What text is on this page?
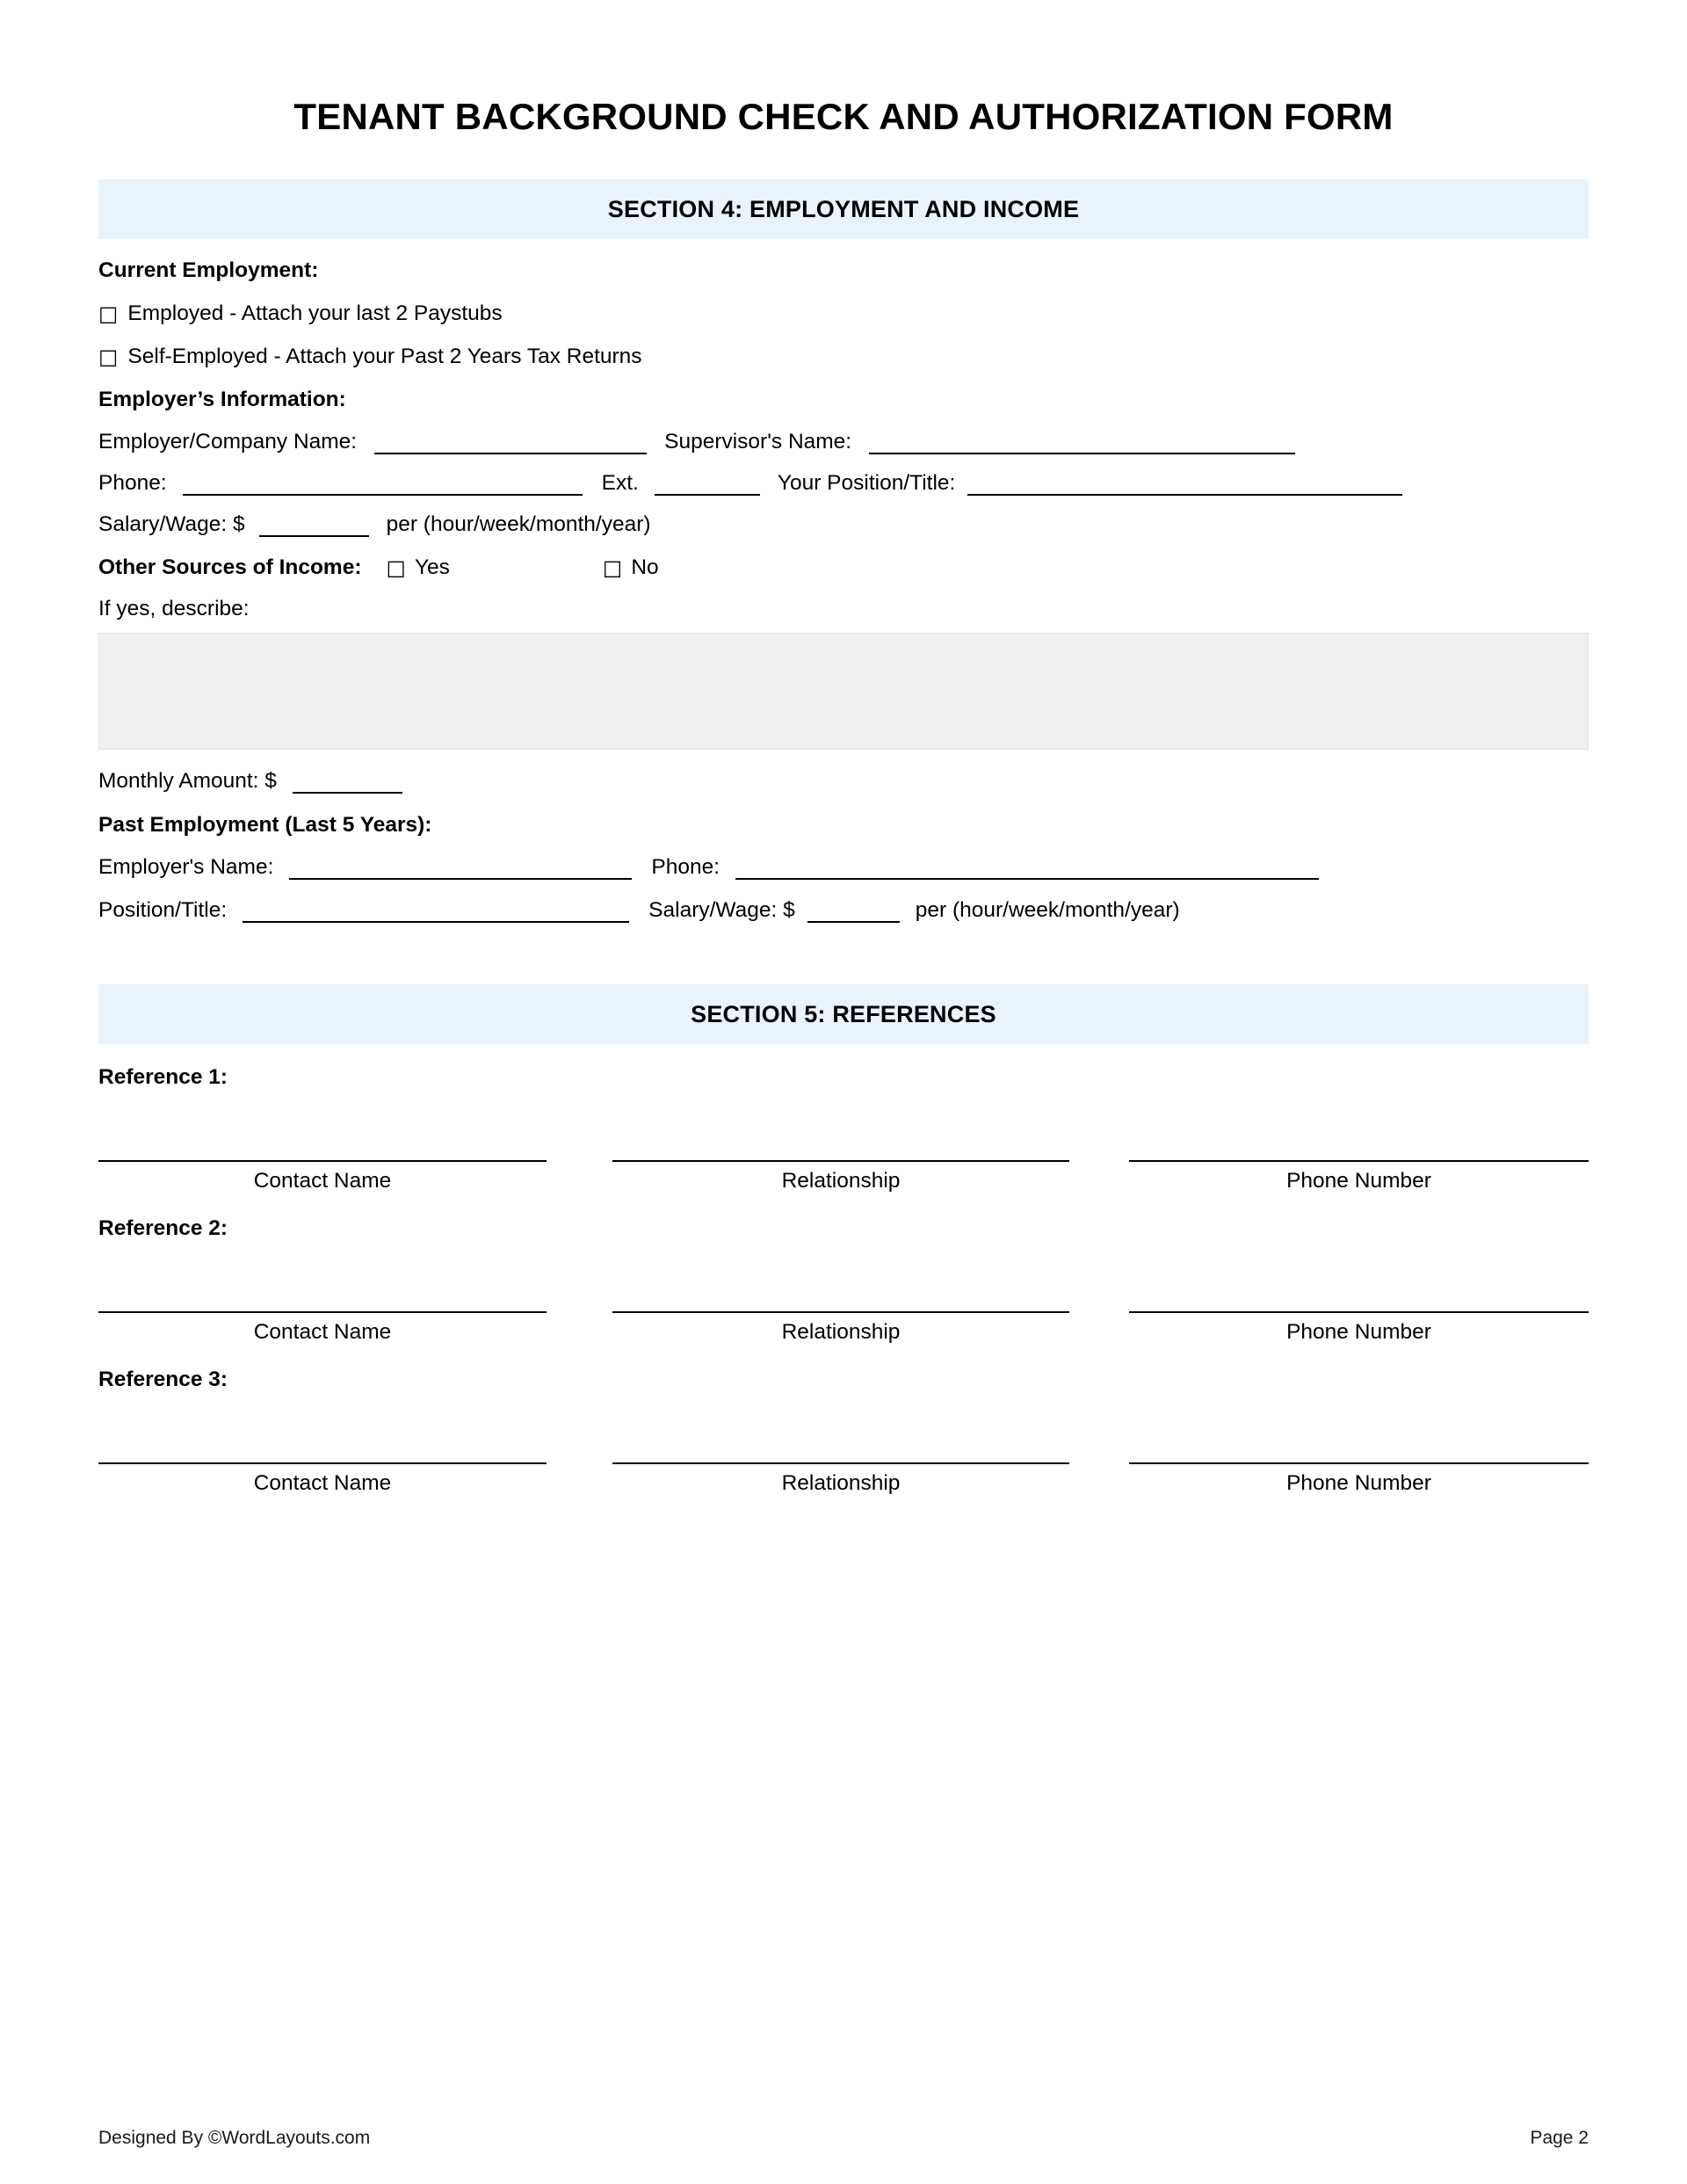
TENANT BACKGROUND CHECK AND AUTHORIZATION FORM
SECTION 4: EMPLOYMENT AND INCOME
Current Employment:
☐ Employed - Attach your last 2 Paystubs
☐ Self-Employed - Attach your Past 2 Years Tax Returns
Employer’s Information:
Employer/Company Name:	Supervisor's Name:
Phone:	Ext.	Your Position/Title:
Salary/Wage: $	per (hour/week/month/year)
Other Sources of Income: ☐ Yes	☐ No
If yes, describe:
Monthly Amount: $
Past Employment (Last 5 Years):
Employer's Name:	Phone:
Position/Title:	Salary/Wage: $	per (hour/week/month/year)
SECTION 5: REFERENCES
Reference 1:
Contact Name	Relationship	Phone Number
Reference 2:
Contact Name	Relationship	Phone Number
Reference 3:
Contact Name	Relationship	Phone Number
Designed By ©WordLayouts.com	Page 2
